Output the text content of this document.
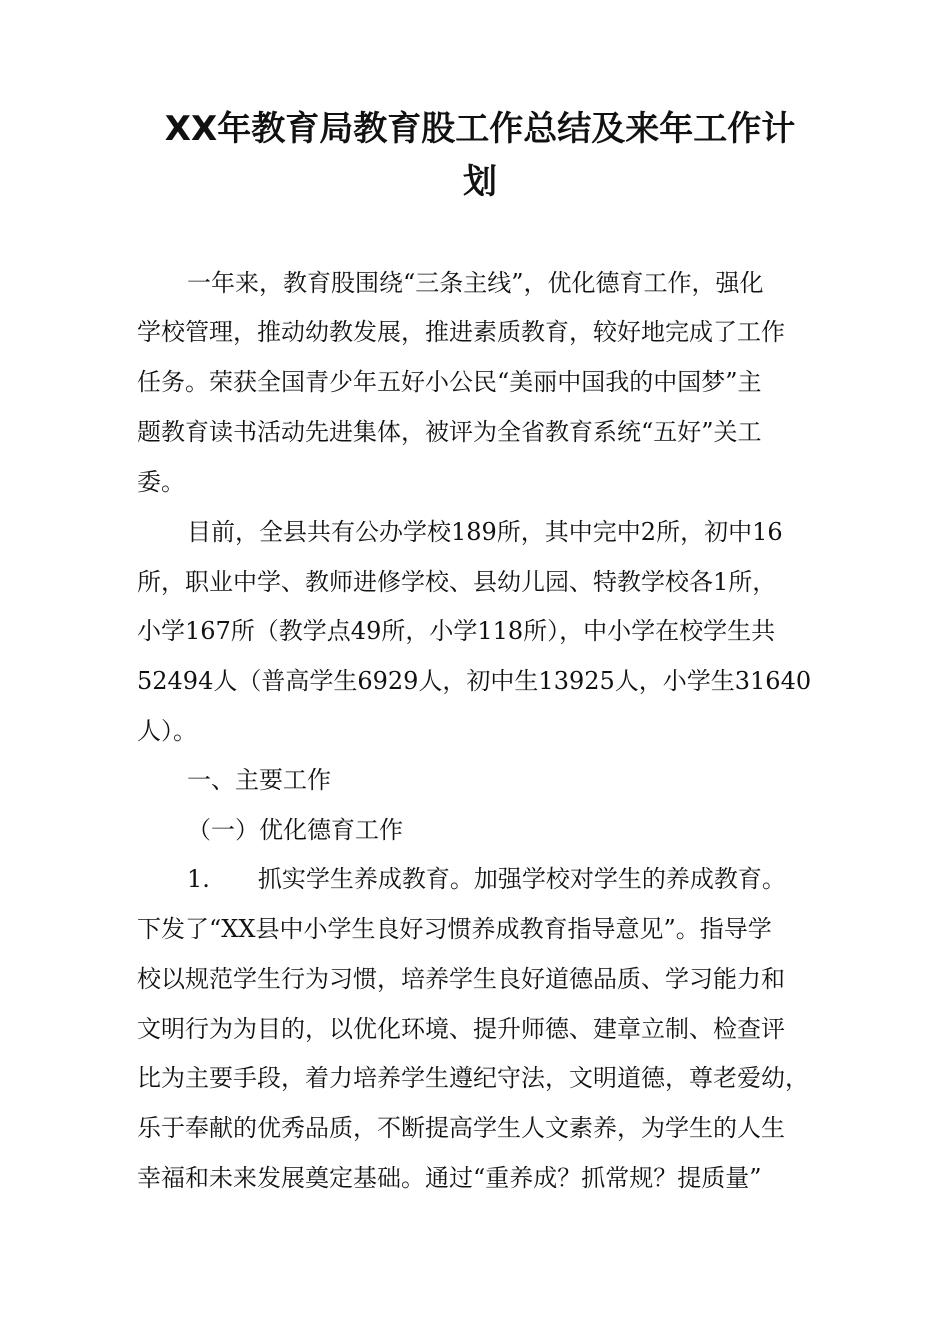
XX年教育局教育股工作总结及来年工作计
划

一年来，教育股围绕“三条主线”，优化德育工作，强化

学校管理，推动幼教发展，推进素质教育，较好地完成了工作

任务。荣获全国青少年五好小公民“美丽中国我的中国梦”主

题教育读书活动先进集体，被评为全省教育系统“五好”关工

委。

目前，全县共有公办学校189所，其中完中2所，初中16

所，职业中学、教师进修学校、县幼儿园、特教学校各1所，

小学167所（教学点49所，小学118所），中小学在校学生共

52494人（普高学生6929人，初中生13925人，小学生31640

人）。

一、主要工作

（一）优化德育工作

1.　　抓实学生养成教育。加强学校对学生的养成教育。

下发了“XX县中小学生良好习惯养成教育指导意见”。指导学

校以规范学生行为习惯，培养学生良好道德品质、学习能力和

文明行为为目的，以优化环境、提升师德、建章立制、检查评

比为主要手段，着力培养学生遵纪守法，文明道德，尊老爱幼，

乐于奉献的优秀品质，不断提高学生人文素养，为学生的人生

幸福和未来发展奠定基础。通过“重养成？抓常规？提质量”
